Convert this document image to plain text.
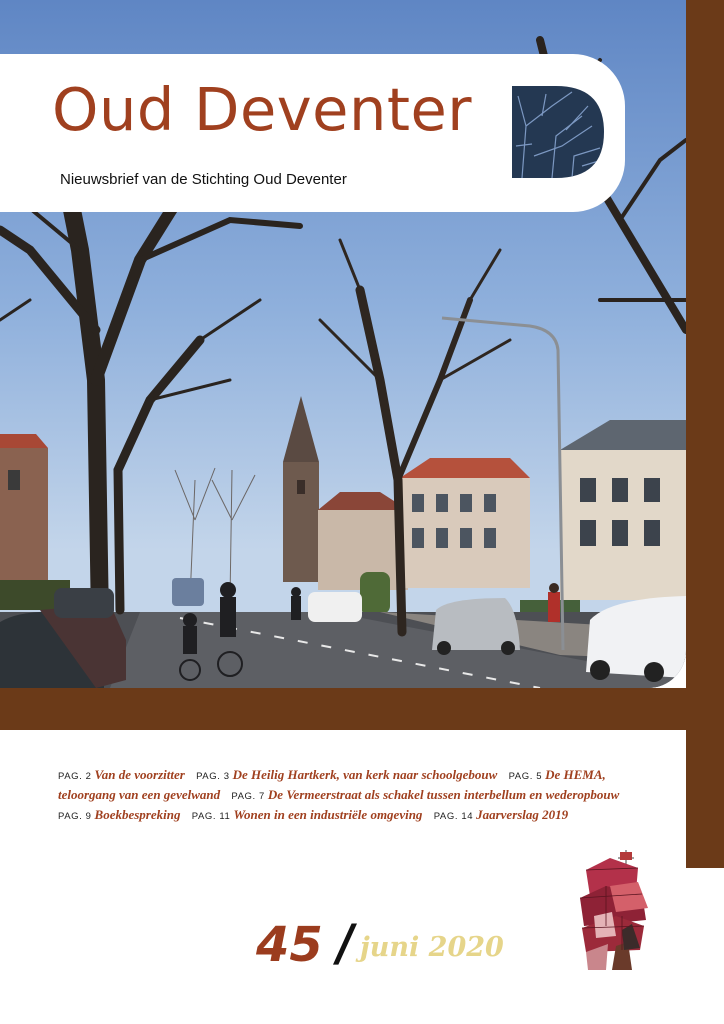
Oud Deventer
Nieuwsbrief van de Stichting Oud Deventer
D
PAG. 2 Van de voorzitter PAG. 3 De Heilig Hartkerk, van kerk naar schoolgebouw PAG. 5 De HEMA, teloorgang van een gevelwand PAG. 7 De Vermeerstraat als schakel tussen interbellum en wederopbouw PAG. 9 Boekbespreking PAG. 11 Wonen in een industriële omgeving PAG. 14 Jaarverslag 2019
45 / juni 2020
